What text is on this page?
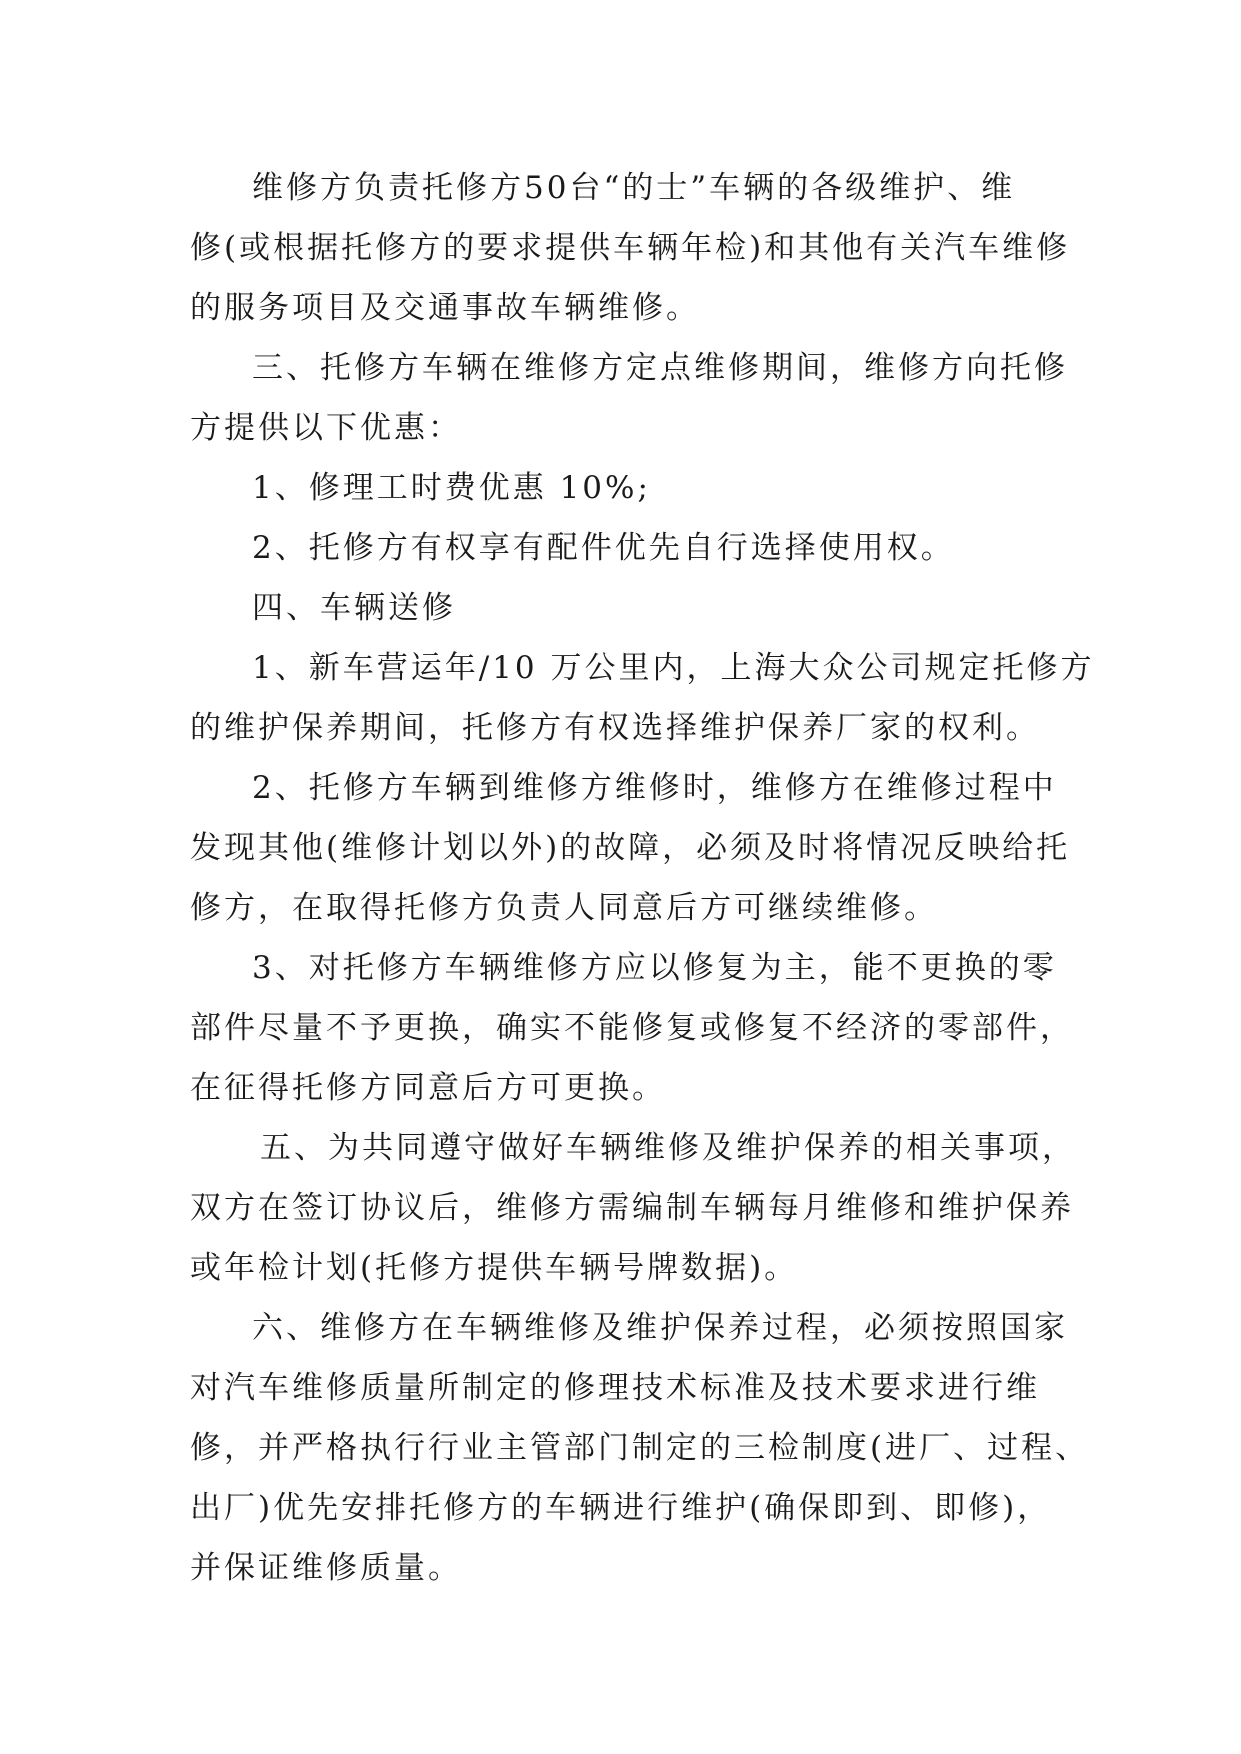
维修方负责托修方50台“的士”车辆的各级维护、维
修(或根据托修方的要求提供车辆年检)和其他有关汽车维修
的服务项目及交通事故车辆维修。
三、托修方车辆在维修方定点维修期间，维修方向托修
方提供以下优惠：
1、修理工时费优惠 10%;
2、托修方有权享有配件优先自行选择使用权。
四、车辆送修
1、新车营运年/10 万公里内，上海大众公司规定托修方
的维护保养期间，托修方有权选择维护保养厂家的权利。
2、托修方车辆到维修方维修时，维修方在维修过程中
发现其他(维修计划以外)的故障，必须及时将情况反映给托
修方，在取得托修方负责人同意后方可继续维修。
3、对托修方车辆维修方应以修复为主，能不更换的零
部件尽量不予更换，确实不能修复或修复不经济的零部件，
在征得托修方同意后方可更换。
五、为共同遵守做好车辆维修及维护保养的相关事项，
双方在签订协议后，维修方需编制车辆每月维修和维护保养
或年检计划(托修方提供车辆号牌数据)。
六、维修方在车辆维修及维护保养过程，必须按照国家
对汽车维修质量所制定的修理技术标准及技术要求进行维
修，并严格执行行业主管部门制定的三检制度(进厂、过程、
出厂)优先安排托修方的车辆进行维护(确保即到、即修)，
并保证维修质量。
